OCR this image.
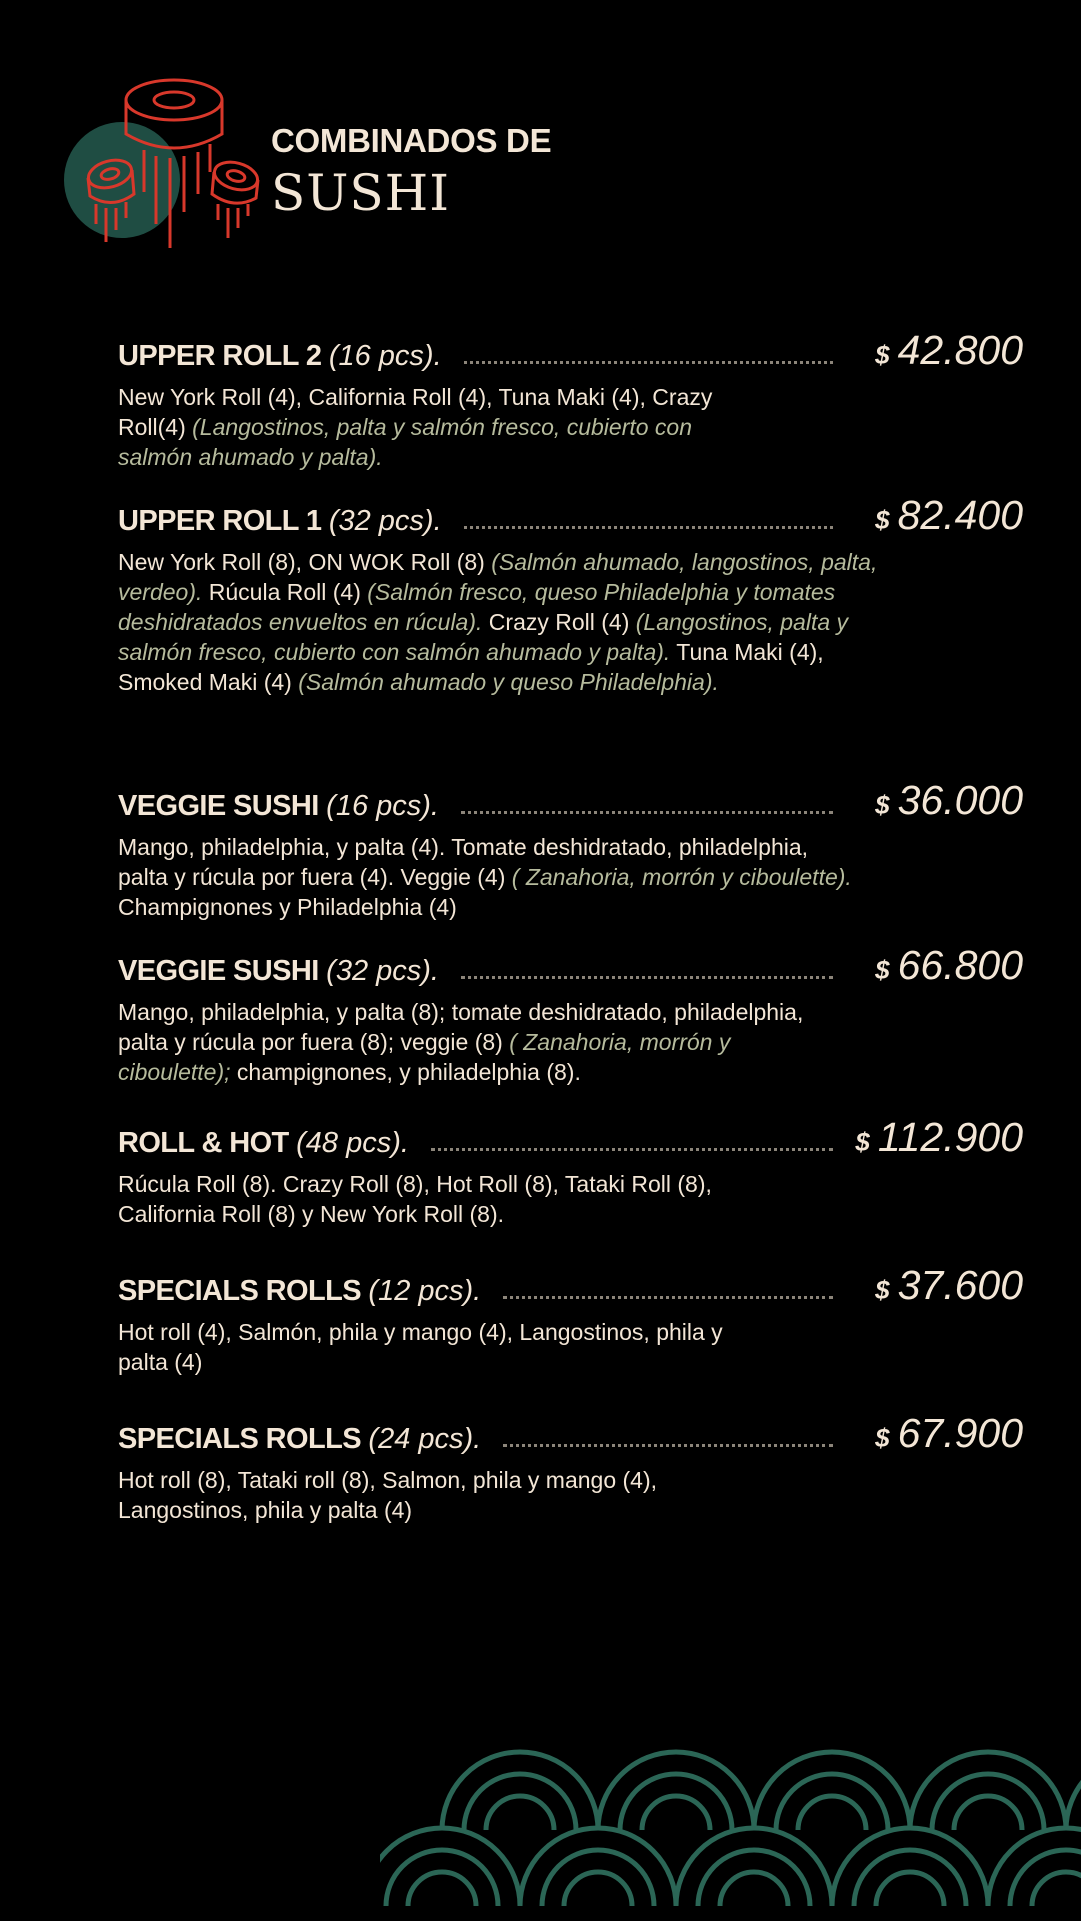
COMBINADOS DE
SUSHI
UPPER ROLL 2 (16 pcs).	$ 42.800
New York Roll (4), California Roll (4), Tuna Maki (4), Crazy Roll(4) (Langostinos, palta y salmón fresco, cubierto con salmón ahumado y palta).
UPPER ROLL 1 (32 pcs).	$ 82.400
New York Roll (8), ON WOK Roll (8) (Salmón ahumado, langostinos, palta, verdeo). Rúcula Roll (4) (Salmón fresco, queso Philadelphia y tomates deshidratados envueltos en rúcula). Crazy Roll (4) (Langostinos, palta y salmón fresco, cubierto con salmón ahumado y palta). Tuna Maki (4), Smoked Maki (4) (Salmón ahumado y queso Philadelphia).
VEGGIE SUSHI (16 pcs).	$ 36.000
Mango, philadelphia, y palta (4). Tomate deshidratado, philadelphia, palta y rúcula por fuera (4). Veggie (4) ( Zanahoria, morrón y ciboulette). Champignones y Philadelphia (4)
VEGGIE SUSHI (32 pcs).	$ 66.800
Mango, philadelphia, y palta (8); tomate deshidratado, philadelphia, palta y rúcula por fuera (8); veggie (8) ( Zanahoria, morrón y ciboulette); champignones, y philadelphia (8).
ROLL & HOT (48 pcs).	$ 112.900
Rúcula Roll (8). Crazy Roll (8), Hot Roll (8), Tataki Roll (8), California Roll (8) y New York Roll (8).
SPECIALS ROLLS (12 pcs).	$ 37.600
Hot roll (4), Salmón, phila y mango (4), Langostinos, phila y palta (4)
SPECIALS ROLLS (24 pcs).	$ 67.900
Hot roll (8), Tataki roll (8), Salmon, phila y mango (4), Langostinos, phila y palta (4)
